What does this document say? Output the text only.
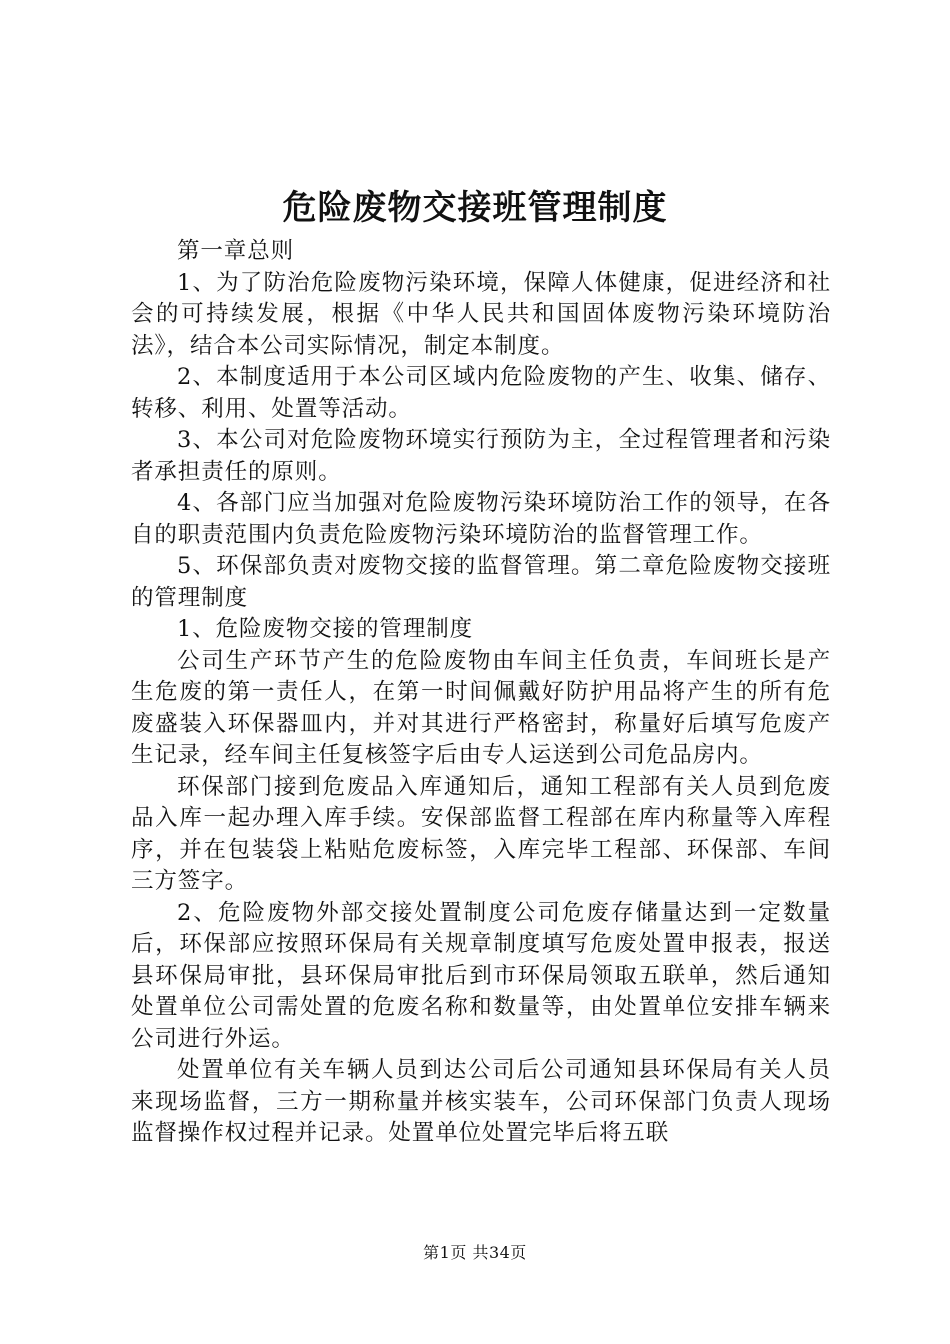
危险废物交接班管理制度

第一章总则

1、为了防治危险废物污染环境，保障人体健康，促进经济和社会的可持续发展，根据《中华人民共和国固体废物污染环境防治法》，结合本公司实际情况，制定本制度。

2、本制度适用于本公司区域内危险废物的产生、收集、储存、转移、利用、处置等活动。

3、本公司对危险废物环境实行预防为主，全过程管理者和污染者承担责任的原则。

4、各部门应当加强对危险废物污染环境防治工作的领导，在各自的职责范围内负责危险废物污染环境防治的监督管理工作。

5、环保部负责对废物交接的监督管理。第二章危险废物交接班的管理制度

1、危险废物交接的管理制度

公司生产环节产生的危险废物由车间主任负责，车间班长是产生危废的第一责任人，在第一时间佩戴好防护用品将产生的所有危废盛装入环保器皿内，并对其进行严格密封，称量好后填写危废产生记录，经车间主任复核签字后由专人运送到公司危品房内。

环保部门接到危废品入库通知后，通知工程部有关人员到危废品入库一起办理入库手续。安保部监督工程部在库内称量等入库程序，并在包装袋上粘贴危废标签，入库完毕工程部、环保部、车间三方签字。

2、危险废物外部交接处置制度公司危废存储量达到一定数量后，环保部应按照环保局有关规章制度填写危废处置申报表，报送县环保局审批，县环保局审批后到市环保局领取五联单，然后通知处置单位公司需处置的危废名称和数量等，由处置单位安排车辆来公司进行外运。

处置单位有关车辆人员到达公司后公司通知县环保局有关人员来现场监督，三方一期称量并核实装车，公司环保部门负责人现场监督操作权过程并记录。处置单位处置完毕后将五联

第1页 共34页
